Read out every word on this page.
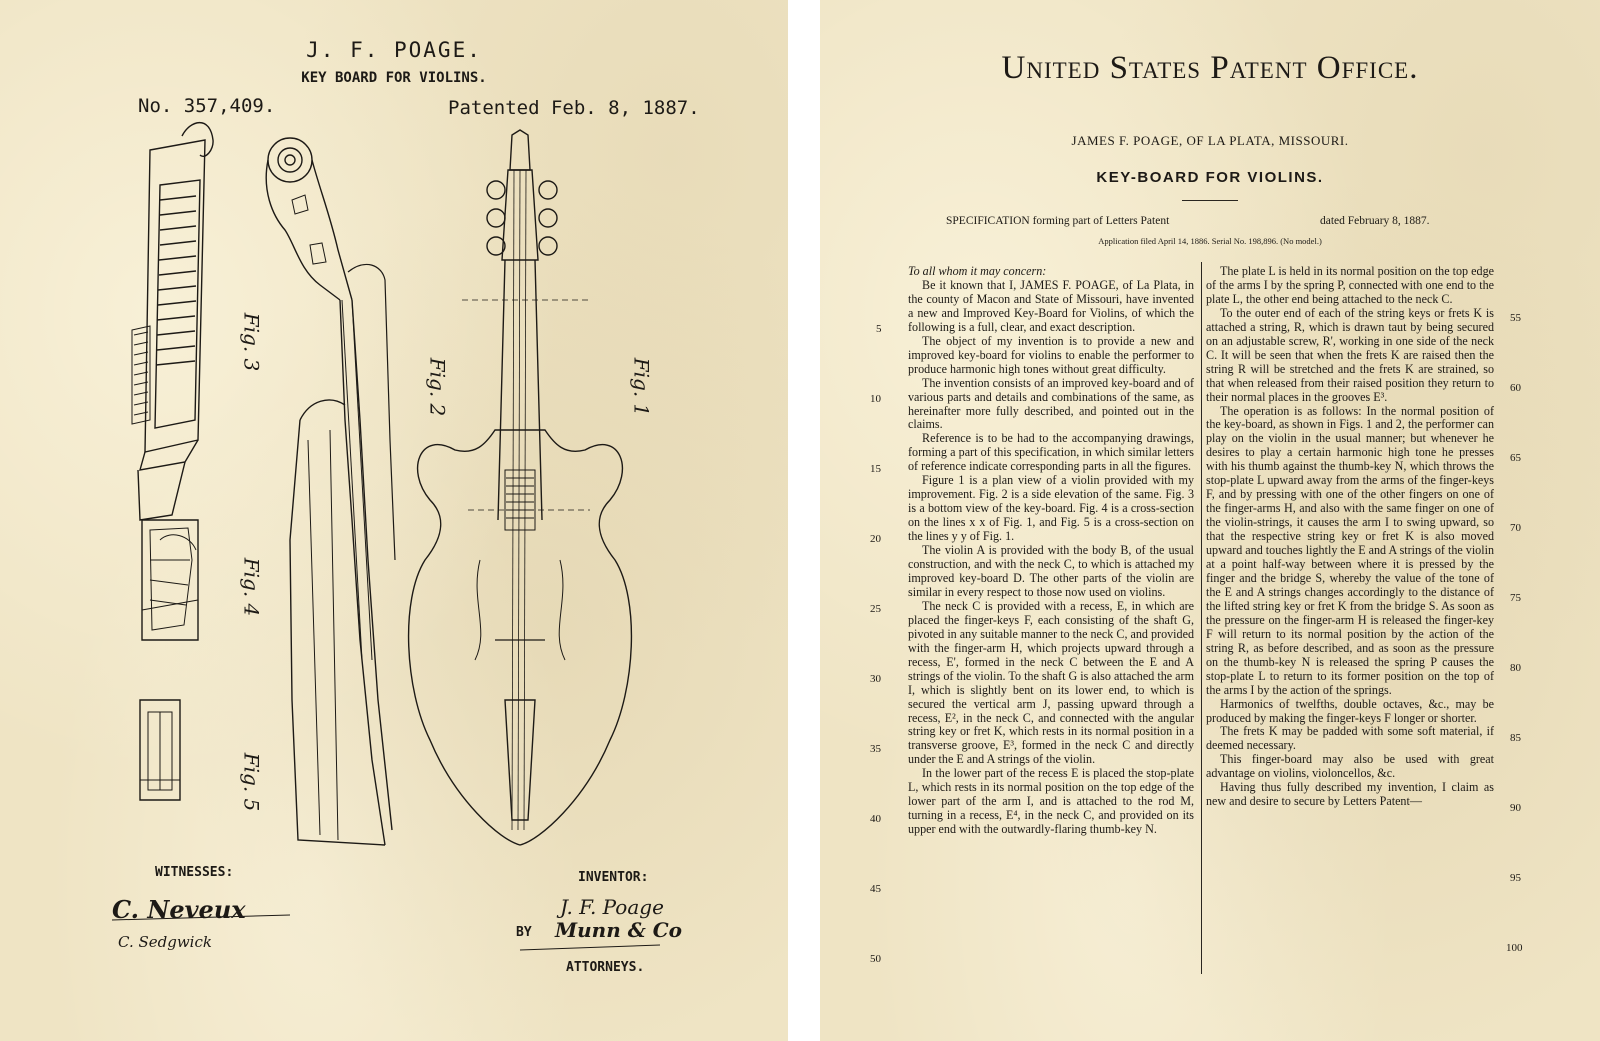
J. F. POAGE.
KEY BOARD FOR VIOLINS.
No. 357,409.	Patented Feb. 8, 1887.
Fig. 3
Fig. 4
Fig. 5
Fig. 2	Fig. 1
WITNESSES:
C. Neveux
C. Sedgwick
INVENTOR:
J. F. Poage
BY Munn & Co
ATTORNEYS.
United States Patent Office.
JAMES F. POAGE, OF LA PLATA, MISSOURI.
KEY-BOARD FOR VIOLINS.
SPECIFICATION forming part of Letters Patent	dated February 8, 1887.
Application filed April 14, 1886. Serial No. 198,896. (No model.)

To all whom it may concern:

Be it known that I, JAMES F. POAGE, of La Plata, in the county of Macon and State of Missouri, have invented a new and Improved Key-Board for Violins, of which the following is a full, clear, and exact description.

The object of my invention is to provide a new and improved key-board for violins to enable the performer to produce harmonic high tones without great difficulty.

The invention consists of an improved key-board and of various parts and details and combinations of the same, as hereinafter more fully described, and pointed out in the claims.

Reference is to be had to the accompanying drawings, forming a part of this specification, in which similar letters of reference indicate corresponding parts in all the figures.

Figure 1 is a plan view of a violin provided with my improvement. Fig. 2 is a side elevation of the same. Fig. 3 is a bottom view of the key-board. Fig. 4 is a cross-section on the lines x x of Fig. 1, and Fig. 5 is a cross-section on the lines y y of Fig. 1.

The violin A is provided with the body B, of the usual construction, and with the neck C, to which is attached my improved key-board D. The other parts of the violin are similar in every respect to those now used on violins.

The neck C is provided with a recess, E, in which are placed the finger-keys F, each consisting of the shaft G, pivoted in any suitable manner to the neck C, and provided with the finger-arm H, which projects upward through a recess, E', formed in the neck C between the E and A strings of the violin. To the shaft G is also attached the arm I, which is slightly bent on its lower end, to which is secured the vertical arm J, passing upward through a recess, E², in the neck C, and connected with the angular string key or fret K, which rests in its normal position in a transverse groove, E³, formed in the neck C and directly under the E and A strings of the violin.

In the lower part of the recess E is placed the stop-plate L, which rests in its normal position on the top edge of the lower part of the arm I, and is attached to the rod M, turning in a recess, E⁴, in the neck C, and provided on its upper end with the outwardly-flaring thumb-key N.

The plate L is held in its normal position on the top edge of the arms I by the spring P, connected with one end to the plate L, the other end being attached to the neck C.

To the outer end of each of the string keys or frets K is attached a string, R, which is drawn taut by being secured on an adjustable screw, R', working in one side of the neck C. It will be seen that when the frets K are raised then the string R will be stretched and the frets K are strained, so that when released from their raised position they return to their normal places in the grooves E³.

The operation is as follows: In the normal position of the key-board, as shown in Figs. 1 and 2, the performer can play on the violin in the usual manner; but whenever he desires to play a certain harmonic high tone he presses with his thumb against the thumb-key N, which throws the stop-plate L upward away from the arms of the finger-keys F, and by pressing with one of the other fingers on one of the finger-arms H, and also with the same finger on one of the violin-strings, it causes the arm I to swing upward, so that the respective string key or fret K is also moved upward and touches lightly the E and A strings of the violin at a point half-way between where it is pressed by the finger and the bridge S, whereby the value of the tone of the E and A strings changes accordingly to the distance of the lifted string key or fret K from the bridge S. As soon as the pressure on the finger-arm H is released the finger-key F will return to its normal position by the action of the string R, as before described, and as soon as the pressure on the thumb-key N is released the spring P causes the stop-plate L to return to its former position on the top of the arms I by the action of the springs.

Harmonics of twelfths, double octaves, &c., may be produced by making the finger-keys F longer or shorter.

The frets K may be padded with some soft material, if deemed necessary.

This finger-board may also be used with great advantage on violins, violoncellos, &c.

Having thus fully described my invention, I claim as new and desire to secure by Letters Patent—

5
10
15
20
25
30
35
40
45
50
55
60
65
70
75
80
85
90
95
100
